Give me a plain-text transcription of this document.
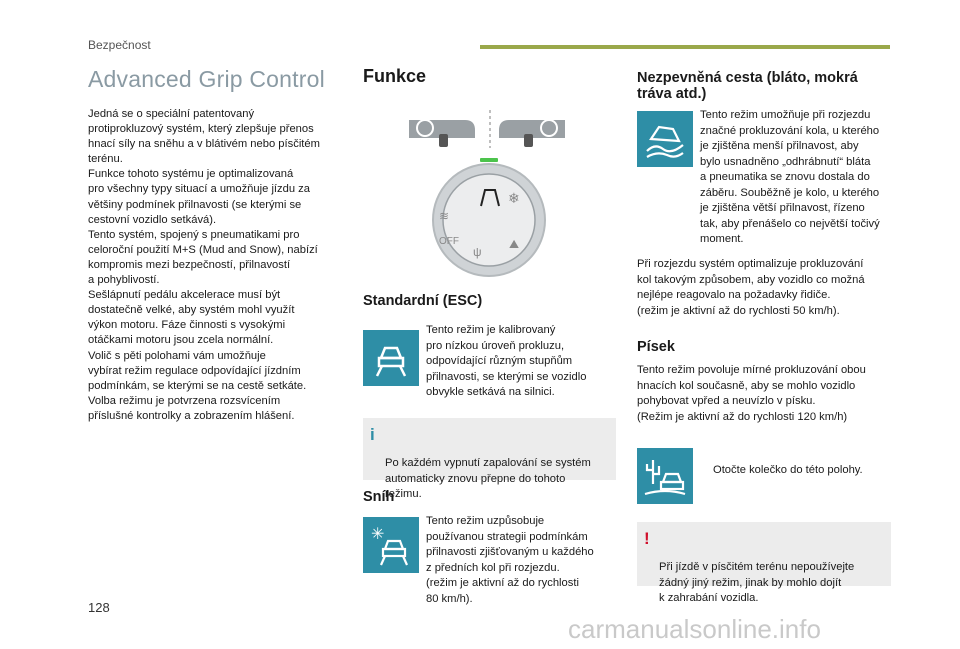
Bezpečnost
Advanced Grip Control

Jedná se o speciální patentovaný
protiprokluzový systém, který zlepšuje přenos
hnací síly na sněhu a v blátivém nebo písčitém
terénu.
Funkce tohoto systému je optimalizovaná
pro všechny typy situací a umožňuje jízdu za
většiny podmínek přilnavosti (se kterými se
cestovní vozidlo setkává).
Tento systém, spojený s pneumatikami pro
celoroční použití M+S (Mud and Snow), nabízí
kompromis mezi bezpečností, přilnavostí
a pohyblivostí.
Sešlápnutí pedálu akcelerace musí být
dostatečně velké, aby systém mohl využít
výkon motoru. Fáze činnosti s vysokými
otáčkami motoru jsou zcela normální.
Volič s pěti polohami vám umožňuje
vybírat režim regulace odpovídající jízdním
podmínkám, se kterými se na cestě setkáte.
Volba režimu je potvrzena rozsvícením
příslušné kontrolky a zobrazením hlášení.

Funkce
❄
≋
OFF
ψ
⛰
Standardní (ESC)
Tento režim je kalibrovaný
pro nízkou úroveň prokluzu,
odpovídající různým stupňům
přilnavosti, se kterými se vozidlo
obvykle setkává na silnici.

i

Po každém vypnutí zapalování se systém
automaticky znovu přepne do tohoto
režimu.

Sníh
✳
Tento režim uzpůsobuje
používanou strategii podmínkám
přilnavosti zjišťovaným u každého
z předních kol při rozjezdu.
(režim je aktivní až do rychlosti
80 km/h).
Nezpevněná cesta (bláto, mokrá tráva atd.)
Tento režim umožňuje při rozjezdu
značné prokluzování kola, u kterého
je zjištěna menší přilnavost, aby
bylo usnadněno „odhrábnutí“ bláta
a pneumatika se znovu dostala do
záběru. Souběžně je kolo, u kterého
je zjištěna větší přilnavost, řízeno
tak, aby přenášelo co největší točivý
moment.
Při rozjezdu systém optimalizuje prokluzování
kol takovým způsobem, aby vozidlo co možná
nejlépe reagovalo na požadavky řidiče.
(režim je aktivní až do rychlosti 50 km/h).
Písek
Tento režim povoluje mírné prokluzování obou
hnacích kol současně, aby se mohlo vozidlo
pohybovat vpřed a neuvízlo v písku.
(Režim je aktivní až do rychlosti 120 km/h)

Otočte kolečko do této polohy.

!

Při jízdě v písčitém terénu nepoužívejte
žádný jiný režim, jinak by mohlo dojít
k zahrabání vozidla.

128
carmanualsonline.info
